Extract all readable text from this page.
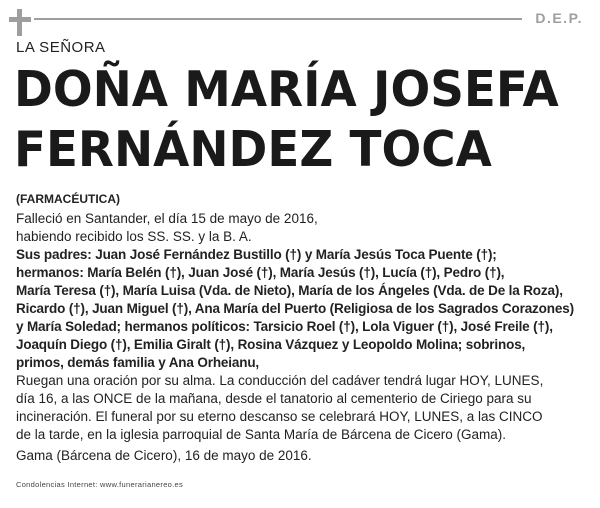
D.E.P.
LA SEÑORA
DOÑA MARÍA JOSEFA
FERNÁNDEZ TOCA
(FARMACÉUTICA)

Falleció en Santander, el día 15 de mayo de 2016,

habiendo recibido los SS. SS. y la B. A.

Sus padres: Juan José Fernández Bustillo (†) y María Jesús Toca Puente (†);

hermanos: María Belén (†), Juan José (†), María Jesús (†), Lucía (†), Pedro (†),

María Teresa (†), María Luisa (Vda. de Nieto), María de los Ángeles (Vda. de De la Roza),

Ricardo (†), Juan Miguel (†), Ana María del Puerto (Religiosa de los Sagrados Corazones)

y María Soledad; hermanos políticos: Tarsicio Roel (†), Lola Viguer (†), José Freile (†),

Joaquín Diego (†), Emilia Giralt (†), Rosina Vázquez y Leopoldo Molina; sobrinos,

primos, demás familia y Ana Orheianu,

Ruegan una oración por su alma. La conducción del cadáver tendrá lugar HOY, LUNES,

día 16, a las ONCE de la mañana, desde el tanatorio al cementerio de Ciriego para su

incineración. El funeral por su eterno descanso se celebrará HOY, LUNES, a las CINCO

de la tarde, en la iglesia parroquial de Santa María de Bárcena de Cicero (Gama).

Gama (Bárcena de Cicero), 16 de mayo de 2016.

Condolencias Internet: www.funerarianereo.es
